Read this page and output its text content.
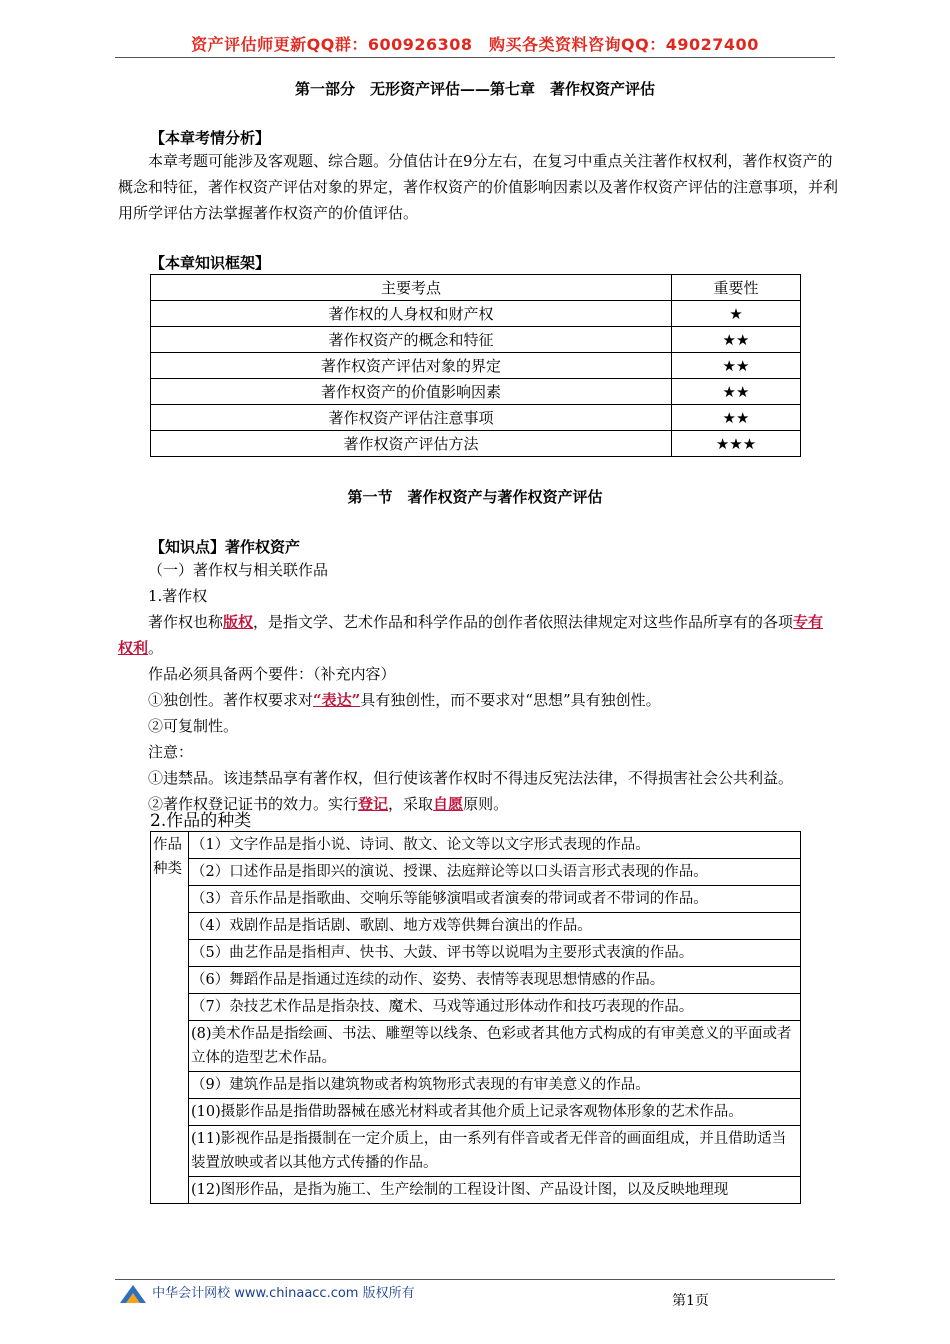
资产评估师更新QQ群：600926308　购买各类资料咨询QQ：49027400
第一部分　无形资产评估——第七章　著作权资产评估
【本章考情分析】
本章考题可能涉及客观题、综合题。分值估计在9分左右，在复习中重点关注著作权权利，著作权资产的概念和特征，著作权资产评估对象的界定，著作权资产的价值影响因素以及著作权资产评估的注意事项，并利用所学评估方法掌握著作权资产的价值评估。
【本章知识框架】
主要考点	重要性
著作权的人身权和财产权	★
著作权资产的概念和特征	★★
著作权资产评估对象的界定	★★
著作权资产的价值影响因素	★★
著作权资产评估注意事项	★★
著作权资产评估方法	★★★
第一节　著作权资产与著作权资产评估
【知识点】著作权资产

（一）著作权与相关联作品

1.著作权

著作权也称版权，是指文学、艺术作品和科学作品的创作者依照法律规定对这些作品所享有的各项专有权利。

作品必须具备两个要件：（补充内容）

①独创性。著作权要求对“表达”具有独创性，而不要求对“思想”具有独创性。

②可复制性。

注意：

①违禁品。该违禁品享有著作权，但行使该著作权时不得违反宪法法律，不得损害社会公共利益。

②著作权登记证书的效力。实行登记，采取自愿原则。

2.作品的种类
作品种类	（1）文字作品是指小说、诗词、散文、论文等以文字形式表现的作品。
（2）口述作品是指即兴的演说、授课、法庭辩论等以口头语言形式表现的作品。
（3）音乐作品是指歌曲、交响乐等能够演唱或者演奏的带词或者不带词的作品。
（4）戏剧作品是指话剧、歌剧、地方戏等供舞台演出的作品。
（5）曲艺作品是指相声、快书、大鼓、评书等以说唱为主要形式表演的作品。
（6）舞蹈作品是指通过连续的动作、姿势、表情等表现思想情感的作品。
（7）杂技艺术作品是指杂技、魔术、马戏等通过形体动作和技巧表现的作品。
(8)美术作品是指绘画、书法、雕塑等以线条、色彩或者其他方式构成的有审美意义的平面或者立体的造型艺术作品。
（9）建筑作品是指以建筑物或者构筑物形式表现的有审美意义的作品。
(10)摄影作品是指借助器械在感光材料或者其他介质上记录客观物体形象的艺术作品。
(11)影视作品是指摄制在一定介质上，由一系列有伴音或者无伴音的画面组成，并且借助适当装置放映或者以其他方式传播的作品。
(12)图形作品，是指为施工、生产绘制的工程设计图、产品设计图，以及反映地理现
中华会计网校 www.chinaacc.com 版权所有	第1页
